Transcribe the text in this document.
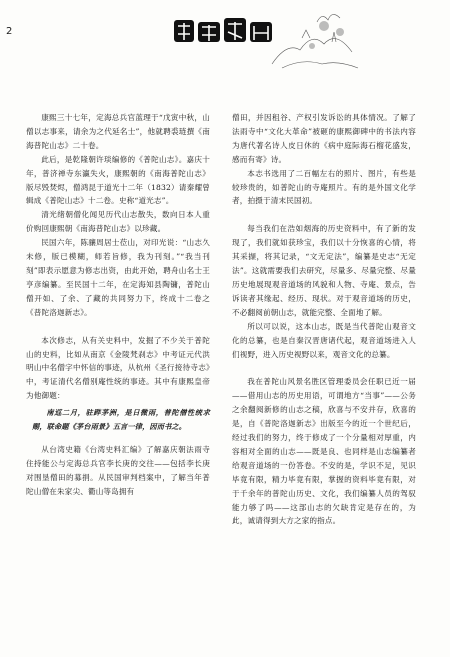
2

康熙三十七年，定海总兵官蓝理于“戊寅中秋，山僧以志事来，请余为之代延名士”，他就聘裘琏撰《南海普陀山志》二十卷。

此后，是乾隆朝许琰编修的《普陀山志》。嘉庆十年，普济禅寺东瀛失火，康熙朝的《南海普陀山志》版尽毁焚烬，僧鸿昆于道光十二年（1832）请秦耀曾辑成《普陀山志》十二卷。史称“道光志”。

清光绪朝僧化闻见历代山志散失，数向日本人重价购回康熙朝《南海普陀山志》以珍藏。

民国六年，陈骧周居士莅山，对印光说：“山志久未修，版已模糊，师若旨修，我为刊刻。”“我当刊刻”即表示愿意为修志出资，由此开始，聘舟山名士王亨彦编纂。至民国十二年，在定海知县陶镛，普陀山僧开如、了余、了藏的共同努力下，终成十二卷之《普陀洛迦新志》。

本次修志，从有关史料中，发掘了不少关于普陀山的史料，比如从南京《金陵梵刹志》中考证元代洪明山中名僧字中怀信的事迹，从杭州《圣行接待寺志》中，考证清代名僧别庵性统的事迹。其中有康熙皇帝为他御题：

南巡二月，驻跸茅洲，是日微雨，普陀僧性统求赐，联命题《茅台雨景》五言一律，因而书之。

从台湾史籍《台湾史料汇编》了解嘉庆朝法雨寺住持能公与定海总兵官李长庚的交往——包括李长庚对围垦僧田的募捐。从民国审判档案中，了解当年普陀山僧在朱家尖、衢山等岛拥有

僧田，并因租谷、产权引发诉讼的具体情况。了解了法雨寺中“文化大革命”被砸的康熙御碑中的书法内容为唐代著名诗人皮日休的《病中庭际海石榴花盛发，感而有寄》诗。

本志书选用了二百幅左右的照片、图片，有些是较珍贵的，如普陀山的寺庵照片。有的是外国文化学者，拍摄于清末民国初。

每当我们在浩如烟海的历史资料中，有了新的发现了，我们就如获珍宝，我们以十分恢喜的心情，将其采撷，将其记录，“文无定法”，编纂是史志“无定法”。这就需要我们去研究，尽量多、尽量完整、尽量历史地展现观音道场的风貌和人物、寺庵、景点，告诉读者其缘起、经历、现状。对于观音道场的历史，不必翻阅前朝山志，就能完整、全面地了解。

所以可以说，这本山志，既是当代普陀山观音文化的总纂，也是自秦汉晋唐诸代起，观音道场进入人们视野，进入历史视野以来，观音文化的总纂。

我在普陀山风景名胜区管理委员会任职已近一届——借用山志的历史用语，可谓地方“当事”——公务之余翻阅新修的山志之稿，欣喜与不安并存，欣喜的是，自《普陀洛迦新志》出版至今的近一个世纪后，经过我们的努力，终于修成了一个分量相对厚重，内容相对全面的山志——既是良、也同样是山志编纂者给观音道场的一份答卷。不安的是，学识不足，见识毕竟有限，精力毕竟有限，掌握的资料毕竟有限，对于千余年的普陀山历史、文化，我们编纂人员的驾驭能力够了吗——这部山志的欠缺肯定是存在的，为此，诚请得到大方之家的指点。
